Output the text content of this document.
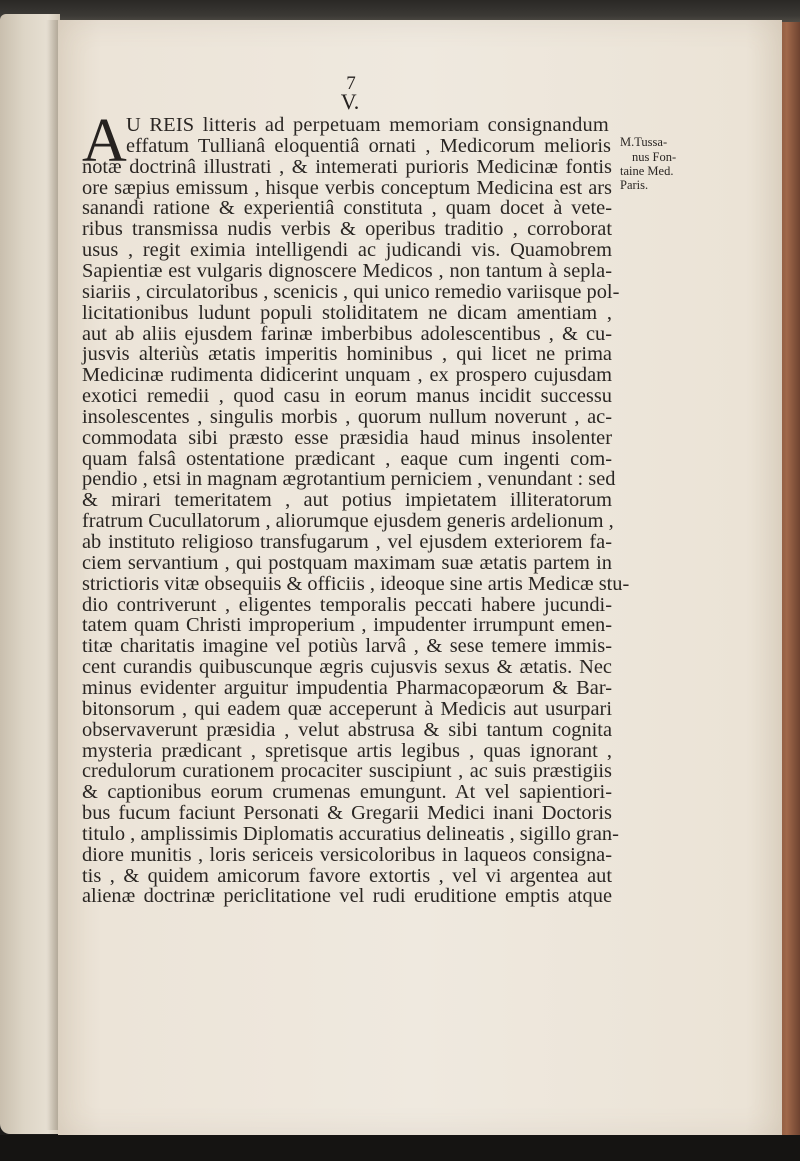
7
V.
A U REIS litteris ad perpetuam memoriam consignandum
effatum Tullianâ eloquentiâ ornati , Medicorum melioris
notæ doctrinâ illustrati , & intemerati purioris Medicinæ fontis
ore sæpius emissum , hisque verbis conceptum Medicina est ars
sanandi ratione & experientiâ constituta , quam docet à vete-
ribus transmissa nudis verbis & operibus traditio , corroborat
usus , regit eximia intelligendi ac judicandi vis. Quamobrem
Sapientiæ est vulgaris dignoscere Medicos , non tantum à sepla-
siariis , circulatoribus , scenicis , qui unico remedio variisque pol-
licitationibus ludunt populi stoliditatem ne dicam amentiam ,
aut ab aliis ejusdem farinæ imberbibus adolescentibus , & cu-
jusvis alteriùs ætatis imperitis hominibus , qui licet ne prima
Medicinæ rudimenta didicerint unquam , ex prospero cujusdam
exotici remedii , quod casu in eorum manus incidit successu
insolescentes , singulis morbis , quorum nullum noverunt , ac-
commodata sibi præsto esse præsidia haud minus insolenter
quam falsâ ostentatione prædicant , eaque cum ingenti com-
pendio , etsi in magnam ægrotantium perniciem , venundant : sed
& mirari temeritatem , aut potius impietatem illiteratorum
fratrum Cucullatorum , aliorumque ejusdem generis ardelionum ,
ab instituto religioso transfugarum , vel ejusdem exteriorem fa-
ciem servantium , qui postquam maximam suæ ætatis partem in
strictioris vitæ obsequiis & officiis , ideoque sine artis Medicæ stu-
dio contriverunt , eligentes temporalis peccati habere jucundi-
tatem quam Christi improperium , impudenter irrumpunt emen-
titæ charitatis imagine vel potiùs larvâ , & sese temere immis-
cent curandis quibuscunque ægris cujusvis sexus & ætatis. Nec
minus evidenter arguitur impudentia Pharmacopæorum & Bar-
bitonsorum , qui eadem quæ acceperunt à Medicis aut usurpari
observaverunt præsidia , velut abstrusa & sibi tantum cognita
mysteria prædicant , spretisque artis legibus , quas ignorant ,
credulorum curationem procaciter suscipiunt , ac suis præstigiis
& captionibus eorum crumenas emungunt. At vel sapientiori-
bus fucum faciunt Personati & Gregarii Medici inani Doctoris
titulo , amplissimis Diplomatis accuratius delineatis , sigillo gran-
diore munitis , loris sericeis versicoloribus in laqueos consigna-
tis , & quidem amicorum favore extortis , vel vi argentea aut
alienæ doctrinæ periclitatione vel rudi eruditione emptis atque
M.Tussa-
nus Fon-
taine Med.
Paris.
